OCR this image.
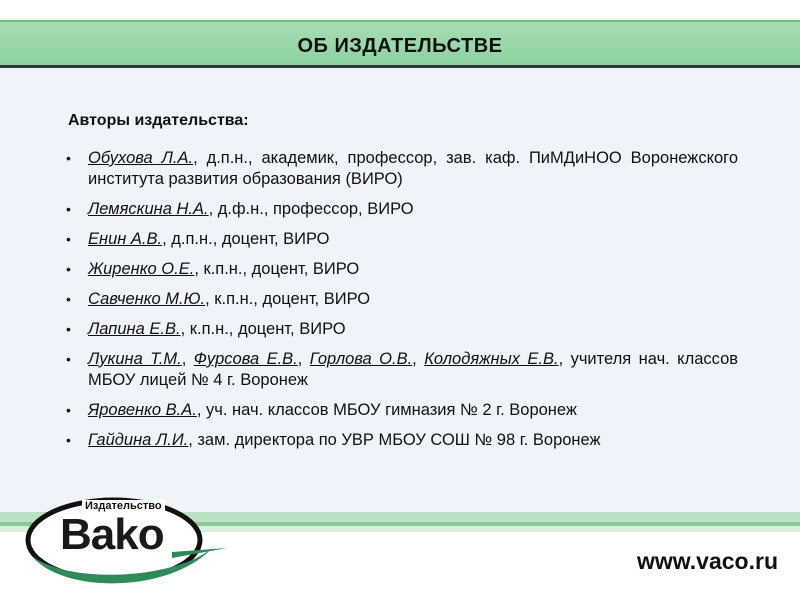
ОБ ИЗДАТЕЛЬСТВЕ
Авторы издательства:
• Обухова Л.А., д.п.н., академик, профессор, зав. каф. ПиМДиНОО Воронежского института развития образования (ВИРО)
• Лемяскина Н.А., д.ф.н., профессор, ВИРО
• Енин А.В., д.п.н., доцент, ВИРО
• Жиренко О.Е., к.п.н., доцент, ВИРО
• Савченко М.Ю., к.п.н., доцент, ВИРО
• Лапина Е.В., к.п.н., доцент, ВИРО
• Лукина Т.М., Фурсова Е.В., Горлова О.В., Колодяжных Е.В., учителя нач. классов МБОУ лицей № 4 г. Воронеж
• Яровенко В.А., уч. нач. классов МБОУ гимназия № 2 г. Воронеж
• Гайдина Л.И., зам. директора по УВР МБОУ СОШ № 98 г. Воронеж
Издательство
Bako
www.vaco.ru
